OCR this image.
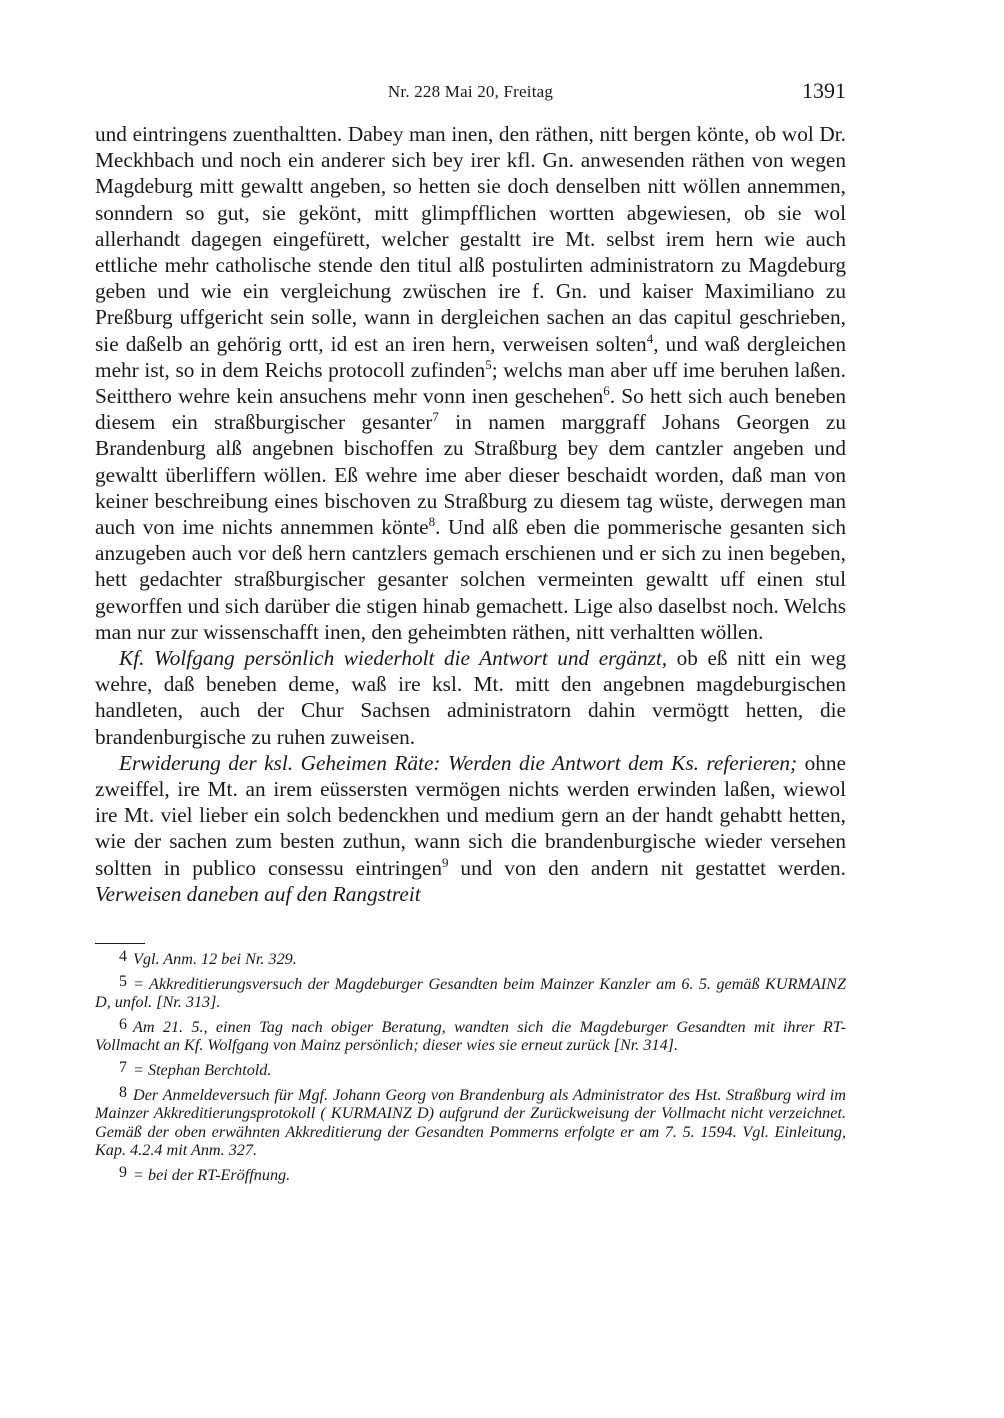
Nr. 228 Mai 20, Freitag	1391

und eintringens zuenthaltten. Dabey man inen, den räthen, nitt bergen könte, ob wol Dr. Meckhbach und noch ein anderer sich bey irer kfl. Gn. anwesenden räthen von wegen Magdeburg mitt gewaltt angeben, so hetten sie doch denselben nitt wöllen annemmen, sonndern so gut, sie gekönt, mitt glimpfflichen wortten abgewiesen, ob sie wol allerhandt dagegen eingefürett, welcher gestaltt ire Mt. selbst irem hern wie auch ettliche mehr catholische stende den titul alß postulirten administratorn zu Magdeburg geben und wie ein vergleichung zwüschen ire f. Gn. und kaiser Maximiliano zu Preßburg uffgericht sein solle, wann in dergleichen sachen an das capitul geschrieben, sie daßelb an gehörig ortt, id est an iren hern, verweisen solten$^4$, und waß dergleichen mehr ist, so in dem Reichs protocoll zufinden$^5$; welchs man aber uff ime beruhen laßen. Seitthero wehre kein ansuchens mehr vonn inen geschehen$^6$. So hett sich auch beneben diesem ein straßburgischer gesanter$^7$ in namen marggraff Johans Georgen zu Brandenburg alß angebnen bischoffen zu Straßburg bey dem cantzler angeben und gewaltt überliffern wöllen. Eß wehre ime aber dieser beschaidt worden, daß man von keiner beschreibung eines bischoven zu Straßburg zu diesem tag wüste, derwegen man auch von ime nichts annemmen könte$^8$. Und alß eben die pommerische gesanten sich anzugeben auch vor deß hern cantzlers gemach erschienen und er sich zu inen begeben, hett gedachter straßburgischer gesanter solchen vermeinten gewaltt uff einen stul geworffen und sich darüber die stigen hinab gemachett. Lige also daselbst noch. Welchs man nur zur wissenschafft inen, den geheimbten räthen, nitt verhaltten wöllen.

Kf. Wolfgang persönlich wiederholt die Antwort und ergänzt, ob eß nitt ein weg wehre, daß beneben deme, waß ire ksl. Mt. mitt den angebnen magdeburgischen handleten, auch der Chur Sachsen administratorn dahin vermögtt hetten, die brandenburgische zu ruhen zuweisen.

Erwiderung der ksl. Geheimen Räte: Werden die Antwort dem Ks. referieren; ohne zweiffel, ire Mt. an irem eüssersten vermögen nichts werden erwinden laßen, wiewol ire Mt. viel lieber ein solch bedenckhen und medium gern an der handt gehabtt hetten, wie der sachen zum besten zuthun, wann sich die brandenburgische wieder versehen soltten in publico consessu eintringen$^9$ und von den andern nit gestattet werden. Verweisen daneben auf den Rangstreit

4 Vgl. Anm. 12 bei Nr. 329.

5 = Akkreditierungsversuch der Magdeburger Gesandten beim Mainzer Kanzler am 6. 5. gemäß KURMAINZ D, unfol. [Nr. 313].

6 Am 21. 5., einen Tag nach obiger Beratung, wandten sich die Magdeburger Gesandten mit ihrer RT-Vollmacht an Kf. Wolfgang von Mainz persönlich; dieser wies sie erneut zurück [Nr. 314].

7 = Stephan Berchtold.

8 Der Anmeldeversuch für Mgf. Johann Georg von Brandenburg als Administrator des Hst. Straßburg wird im Mainzer Akkreditierungsprotokoll ( KURMAINZ D) aufgrund der Zurückweisung der Vollmacht nicht verzeichnet. Gemäß der oben erwähnten Akkreditierung der Gesandten Pommerns erfolgte er am 7. 5. 1594. Vgl. Einleitung, Kap. 4.2.4 mit Anm. 327.

9 = bei der RT-Eröffnung.
